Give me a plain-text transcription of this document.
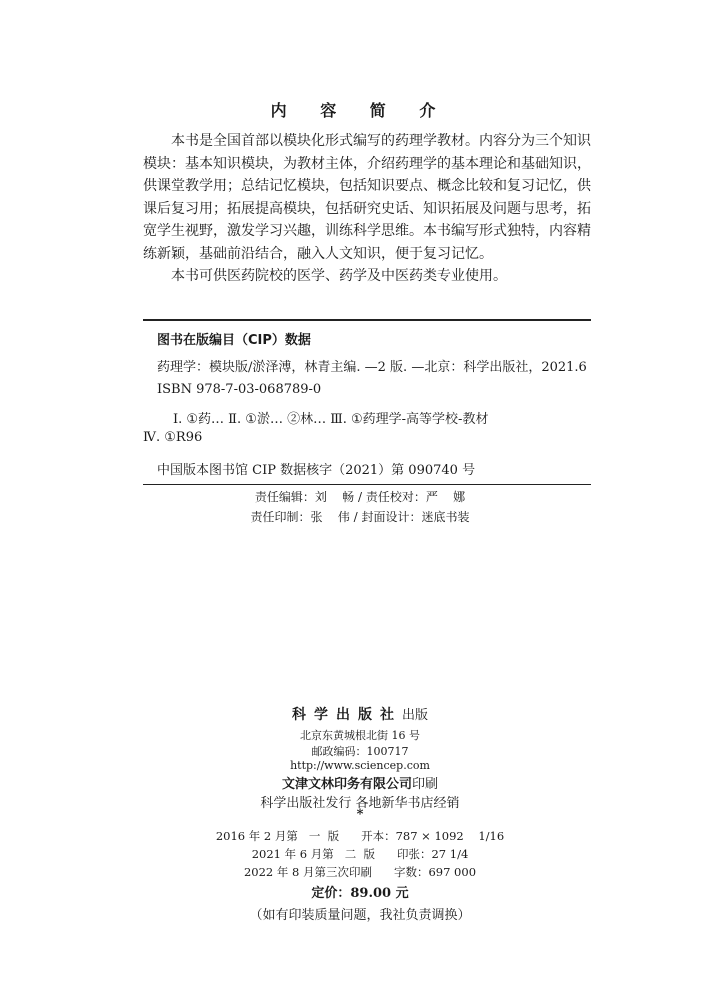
内 容 简 介

本书是全国首部以模块化形式编写的药理学教材。内容分为三个知识模块：基本知识模块，为教材主体，介绍药理学的基本理论和基础知识，供课堂教学用；总结记忆模块，包括知识要点、概念比较和复习记忆，供课后复习用；拓展提高模块，包括研究史话、知识拓展及问题与思考，拓宽学生视野，激发学习兴趣，训练科学思维。本书编写形式独特，内容精练新颖，基础前沿结合，融入人文知识，便于复习记忆。

本书可供医药院校的医学、药学及中医药类专业使用。

图书在版编目（CIP）数据
药理学：模块版/淤泽溥，林青主编. —2 版. —北京：科学出版社，2021.6
ISBN 978-7-03-068789-0
Ⅰ. ①药… Ⅱ. ①淤… ②林… Ⅲ. ①药理学-高等学校-教材
Ⅳ. ①R96
中国版本图书馆 CIP 数据核字（2021）第 090740 号
责任编辑：刘    畅 / 责任校对：严    娜
责任印制：张    伟 / 封面设计：迷底书装
科学出版社出版
北京东黄城根北街 16 号
邮政编码：100717
http://www.sciencep.com
文津文林印务有限公司印刷
科学出版社发行 各地新华书店经销
*
2016 年 2 月第   一  版      开本：787 × 1092    1/16
2021 年 6 月第   二  版      印张：27 1/4
2022 年 8 月第三次印刷      字数：697 000
定价：89.00 元
（如有印装质量问题，我社负责调换）
